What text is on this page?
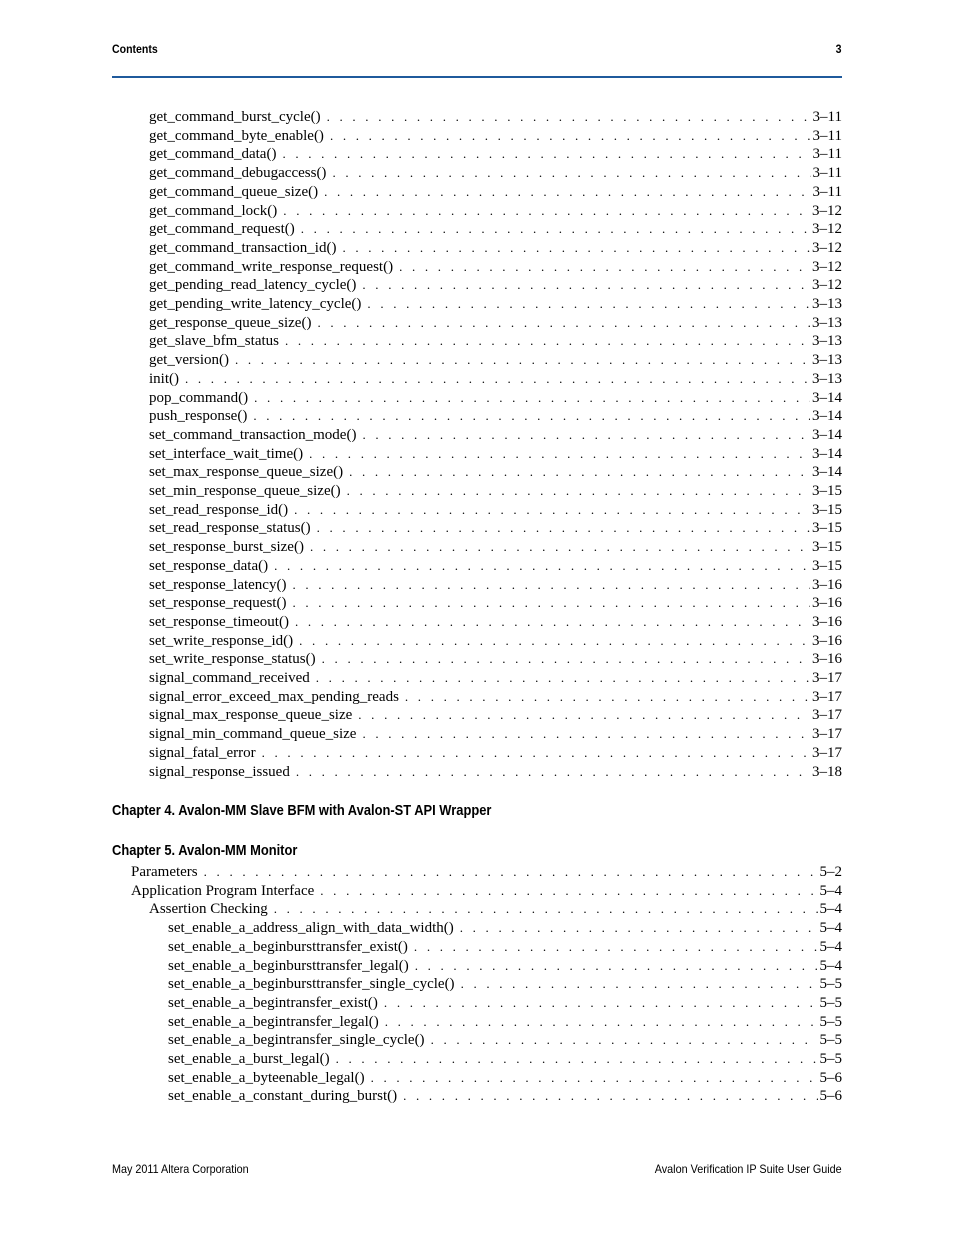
Contents	3
get_command_burst_cycle() . . .	3–11
get_command_byte_enable() . . .	3–11
get_command_data() . . .	3–11
get_command_debugaccess() . . .	3–11
get_command_queue_size() . . .	3–11
get_command_lock() . . .	3–12
get_command_request() . . .	3–12
get_command_transaction_id() . . .	3–12
get_command_write_response_request() . . .	3–12
get_pending_read_latency_cycle() . . .	3–12
get_pending_write_latency_cycle() . . .	3–13
get_response_queue_size() . . .	3–13
get_slave_bfm_status . . .	3–13
get_version() . . .	3–13
init() . . .	3–13
pop_command() . . .	3–14
push_response() . . .	3–14
set_command_transaction_mode() . . .	3–14
set_interface_wait_time() . . .	3–14
set_max_response_queue_size() . . .	3–14
set_min_response_queue_size() . . .	3–15
set_read_response_id() . . .	3–15
set_read_response_status() . . .	3–15
set_response_burst_size() . . .	3–15
set_response_data() . . .	3–15
set_response_latency() . . .	3–16
set_response_request() . . .	3–16
set_response_timeout() . . .	3–16
set_write_response_id() . . .	3–16
set_write_response_status() . . .	3–16
signal_command_received . . .	3–17
signal_error_exceed_max_pending_reads . . .	3–17
signal_max_response_queue_size . . .	3–17
signal_min_command_queue_size . . .	3–17
signal_fatal_error . . .	3–17
signal_response_issued . . .	3–18
Parameters . . .	5–2
Application Program Interface . . .	5–4
Assertion Checking . . .	5–4
set_enable_a_address_align_with_data_width() . . .	5–4
set_enable_a_beginbursttransfer_exist() . . .	5–4
set_enable_a_beginbursttransfer_legal() . . .	5–4
set_enable_a_beginbursttransfer_single_cycle() . . .	5–5
set_enable_a_begintransfer_exist() . . .	5–5
set_enable_a_begintransfer_legal() . . .	5–5
set_enable_a_begintransfer_single_cycle() . . .	5–5
set_enable_a_burst_legal() . . .	5–5
set_enable_a_byteenable_legal() . . .	5–6
set_enable_a_constant_during_burst() . . .	5–6
Chapter 4. Avalon-MM Slave BFM with Avalon-ST API Wrapper
Chapter 5. Avalon-MM Monitor
May 2011 Altera Corporation	Avalon Verification IP Suite User Guide
